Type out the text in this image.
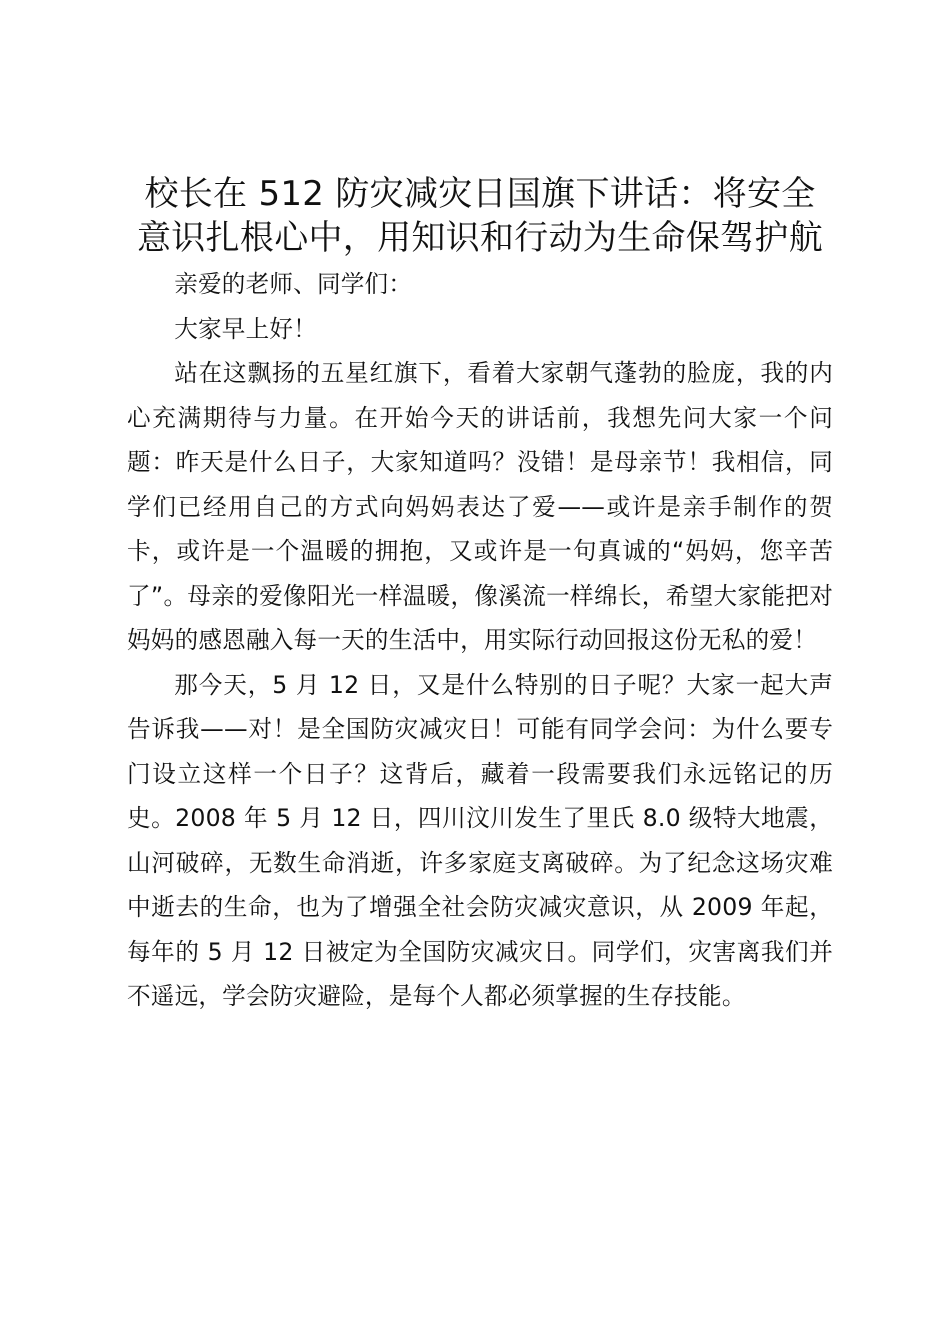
校长在 512 防灾减灾日国旗下讲话：将安全
意识扎根心中，用知识和行动为生命保驾护航

亲爱的老师、同学们：

大家早上好！

站在这飘扬的五星红旗下，看着大家朝气蓬勃的脸庞，我的内心充满期待与力量。在开始今天的讲话前，我想先问大家一个问题：昨天是什么日子，大家知道吗？没错！是母亲节！我相信，同学们已经用自己的方式向妈妈表达了爱——或许是亲手制作的贺卡，或许是一个温暖的拥抱，又或许是一句真诚的“妈妈，您辛苦了”。母亲的爱像阳光一样温暖，像溪流一样绵长，希望大家能把对妈妈的感恩融入每一天的生活中，用实际行动回报这份无私的爱！

那今天，5 月 12 日，又是什么特别的日子呢？大家一起大声告诉我——对！是全国防灾减灾日！可能有同学会问：为什么要专门设立这样一个日子？这背后，藏着一段需要我们永远铭记的历史。2008 年 5 月 12 日，四川汶川发生了里氏 8.0 级特大地震，山河破碎，无数生命消逝，许多家庭支离破碎。为了纪念这场灾难中逝去的生命，也为了增强全社会防灾减灾意识，从 2009 年起，每年的 5 月 12 日被定为全国防灾减灾日。同学们，灾害离我们并不遥远，学会防灾避险，是每个人都必须掌握的生存技能。
